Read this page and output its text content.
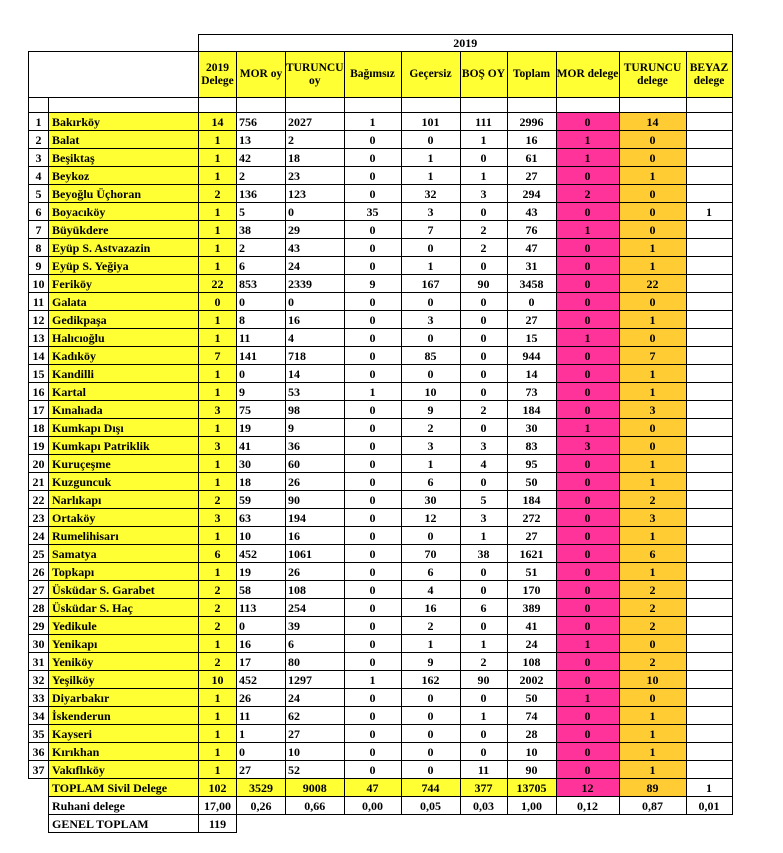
		2019									
		2019 Delege	MOR oy	TURUNCU oy	Bağımsız	Geçersiz	BOŞ OY	Toplam	MOR delege	TURUNCU delege	BEYAZ delege

1	Bakırköy	14	756	2027	1	101	111	2996	0	14	
2	Balat	1	13	2	0	0	1	16	1	0	
3	Beşiktaş	1	42	18	0	1	0	61	1	0	
4	Beykoz	1	2	23	0	1	1	27	0	1	
5	Beyoğlu Üçhoran	2	136	123	0	32	3	294	2	0	
6	Boyacıköy	1	5	0	35	3	0	43	0	0	1
7	Büyükdere	1	38	29	0	7	2	76	1	0	
8	Eyüp S. Astvazazin	1	2	43	0	0	2	47	0	1	
9	Eyüp S. Yeğiya	1	6	24	0	1	0	31	0	1	
10	Feriköy	22	853	2339	9	167	90	3458	0	22	
11	Galata	0	0	0	0	0	0	0	0	0	
12	Gedikpaşa	1	8	16	0	3	0	27	0	1	
13	Halıcıoğlu	1	11	4	0	0	0	15	1	0	
14	Kadıköy	7	141	718	0	85	0	944	0	7	
15	Kandilli	1	0	14	0	0	0	14	0	1	
16	Kartal	1	9	53	1	10	0	73	0	1	
17	Kınalıada	3	75	98	0	9	2	184	0	3	
18	Kumkapı Dışı	1	19	9	0	2	0	30	1	0	
19	Kumkapı Patriklik	3	41	36	0	3	3	83	3	0	
20	Kuruçeşme	1	30	60	0	1	4	95	0	1	
21	Kuzguncuk	1	18	26	0	6	0	50	0	1	
22	Narlıkapı	2	59	90	0	30	5	184	0	2	
23	Ortaköy	3	63	194	0	12	3	272	0	3	
24	Rumelihisarı	1	10	16	0	0	1	27	0	1	
25	Samatya	6	452	1061	0	70	38	1621	0	6	
26	Topkapı	1	19	26	0	6	0	51	0	1	
27	Üsküdar S. Garabet	2	58	108	0	4	0	170	0	2	
28	Üsküdar S. Haç	2	113	254	0	16	6	389	0	2	
29	Yedikule	2	0	39	0	2	0	41	0	2	
30	Yenikapı	1	16	6	0	1	1	24	1	0	
31	Yeniköy	2	17	80	0	9	2	108	0	2	
32	Yeşilköy	10	452	1297	1	162	90	2002	0	10	
33	Diyarbakır	1	26	24	0	0	0	50	1	0	
34	İskenderun	1	11	62	0	0	1	74	0	1	
35	Kayseri	1	1	27	0	0	0	28	0	1	
36	Kırıkhan	1	0	10	0	0	0	10	0	1	
37	Vakıflıköy	1	27	52	0	0	11	90	0	1	
	TOPLAM Sivil Delege	102	3529	9008	47	744	377	13705	12	89	1
	Ruhani delege	17,00	0,26	0,66	0,00	0,05	0,03	1,00	0,12	0,87	0,01
	GENEL TOPLAM	119									
